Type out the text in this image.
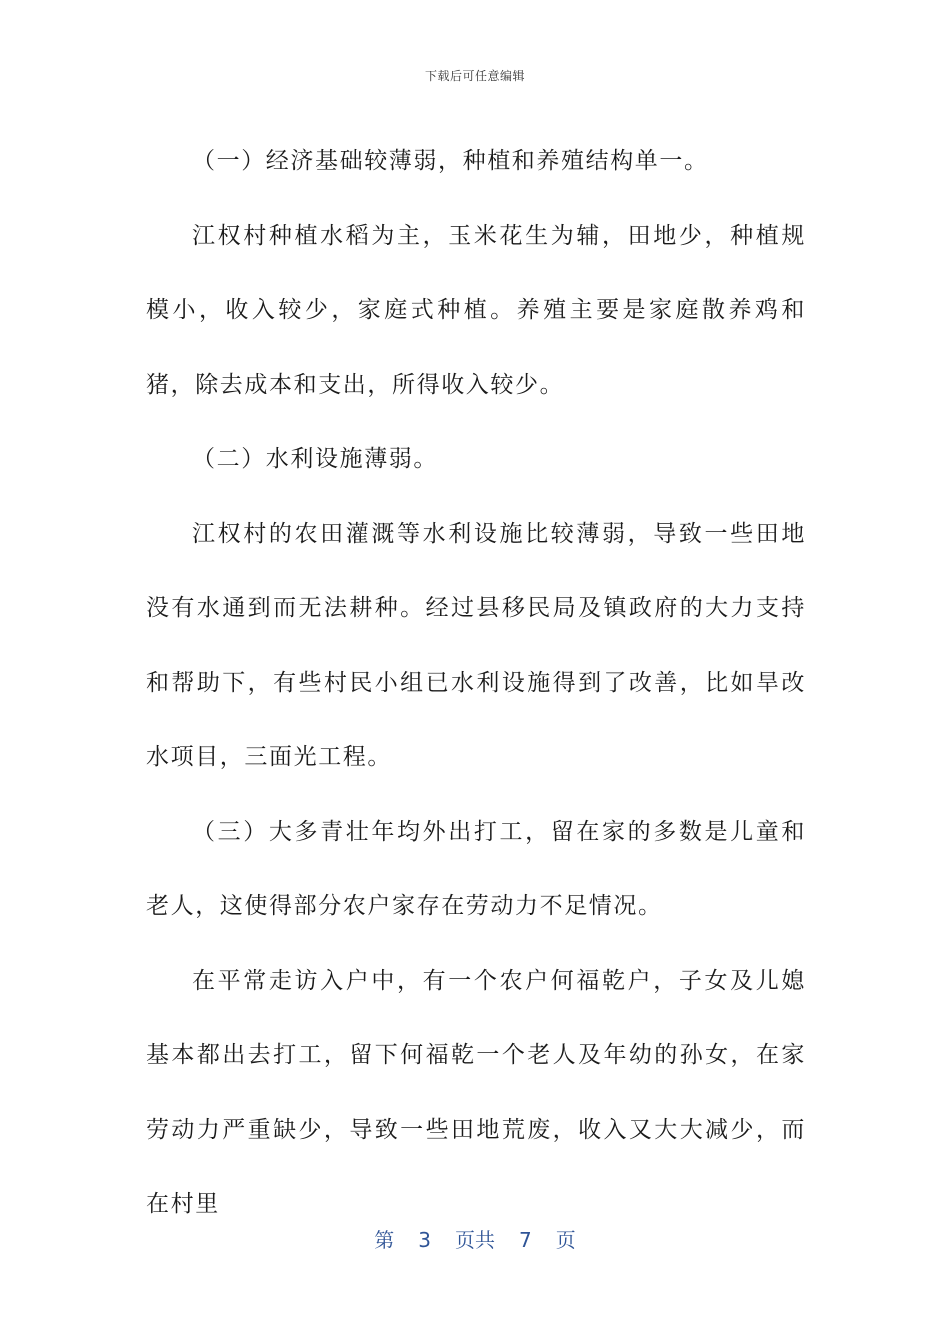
下载后可任意编辑

（一）经济基础较薄弱，种植和养殖结构单一。

江权村种植水稻为主，玉米花生为辅，田地少，种植规模小，收入较少，家庭式种植。养殖主要是家庭散养鸡和猪，除去成本和支出，所得收入较少。

（二）水利设施薄弱。

江权村的农田灌溉等水利设施比较薄弱，导致一些田地没有水通到而无法耕种。经过县移民局及镇政府的大力支持和帮助下，有些村民小组已水利设施得到了改善，比如旱改水项目，三面光工程。

（三）大多青壮年均外出打工，留在家的多数是儿童和老人，这使得部分农户家存在劳动力不足情况。

在平常走访入户中，有一个农户何福乾户，子女及儿媳基本都出去打工，留下何福乾一个老人及年幼的孙女，在家劳动力严重缺少，导致一些田地荒废，收入又大大减少，而在村里

第 3 页共 7 页
